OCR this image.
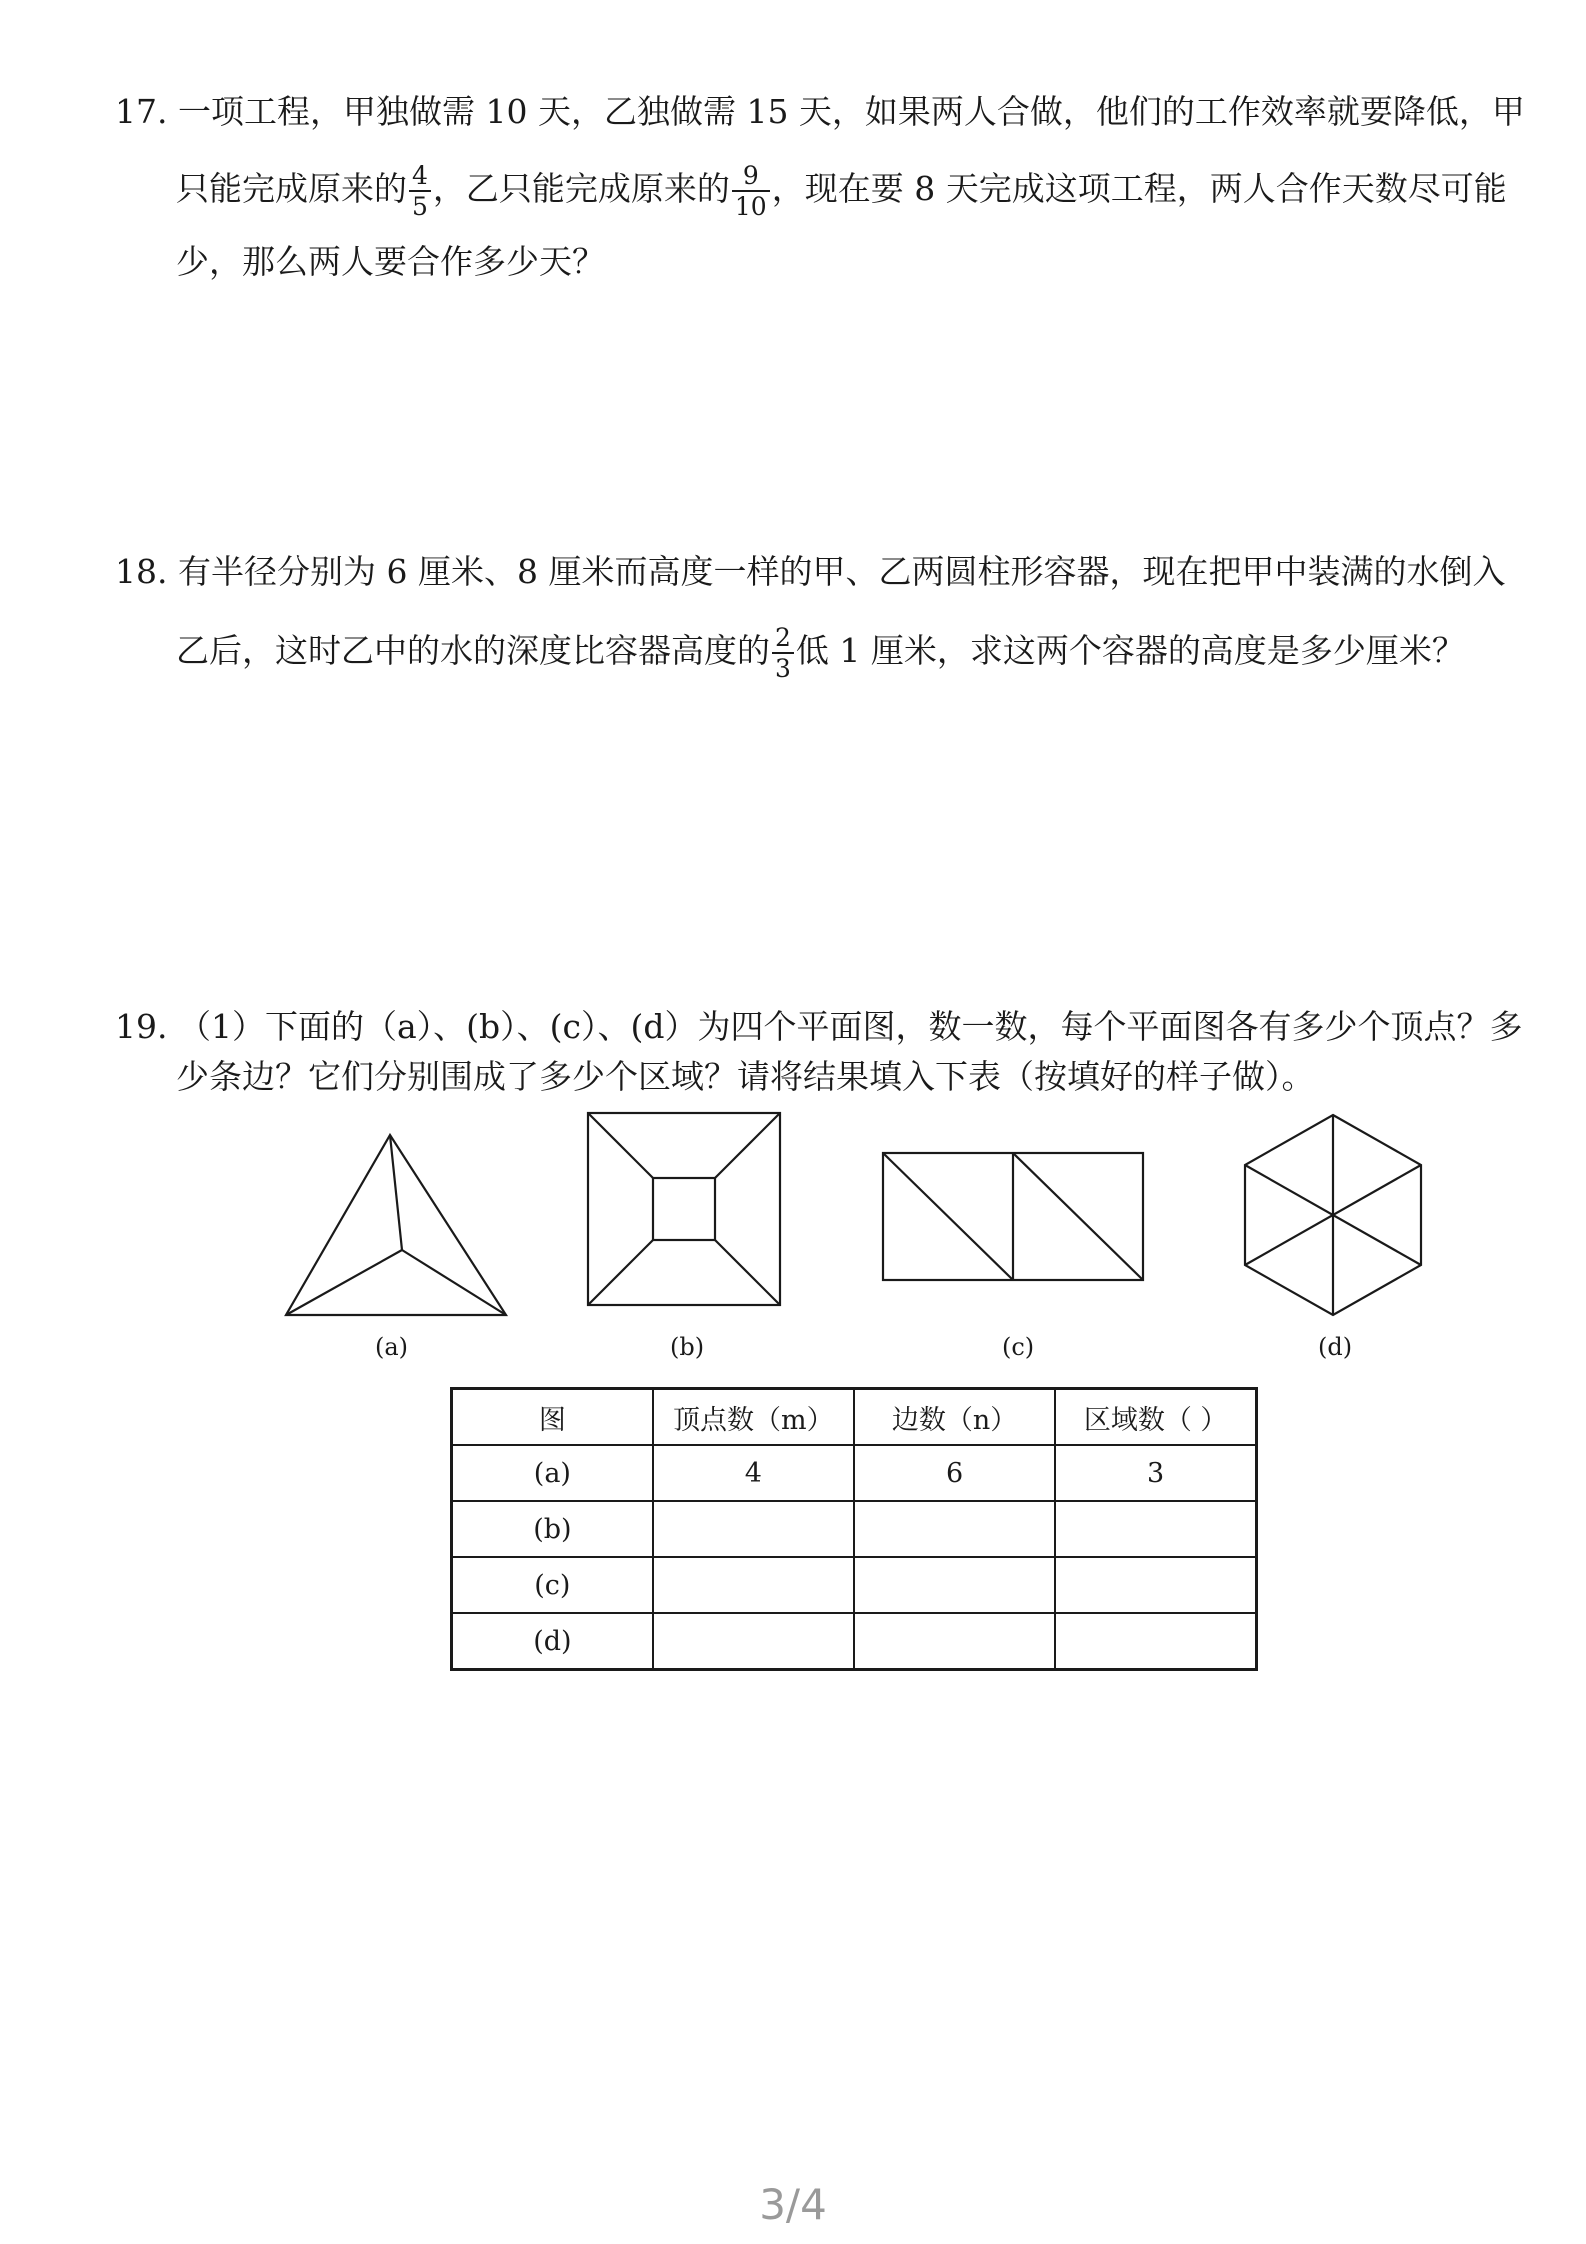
17. 一项工程，甲独做需 10 天，乙独做需 15 天，如果两人合做，他们的工作效率就要降低，甲
只能完成原来的 $\frac{4}{5}$ ，乙只能完成原来的 $\frac{9}{10}$ ，现在要 8 天完成这项工程，两人合作天数尽可能
少，那么两人要合作多少天？
18. 有半径分别为 6 厘米、8 厘米而高度一样的甲、乙两圆柱形容器，现在把甲中装满的水倒入
乙后，这时乙中的水的深度比容器高度的 $\frac{2}{3}$ 低 1 厘米，求这两个容器的高度是多少厘米？
19. （1）下面的（a）、(b）、(c）、(d）为四个平面图，数一数，每个平面图各有多少个顶点？多
少条边？它们分别围成了多少个区域？请将结果填入下表（按填好的样子做）。
(a)	(b)	(c)	(d)
图	顶点数（m）	边数（n）	区域数（ ）
(a)	4	6	3
(b)			
(c)			
(d)			
3/4
